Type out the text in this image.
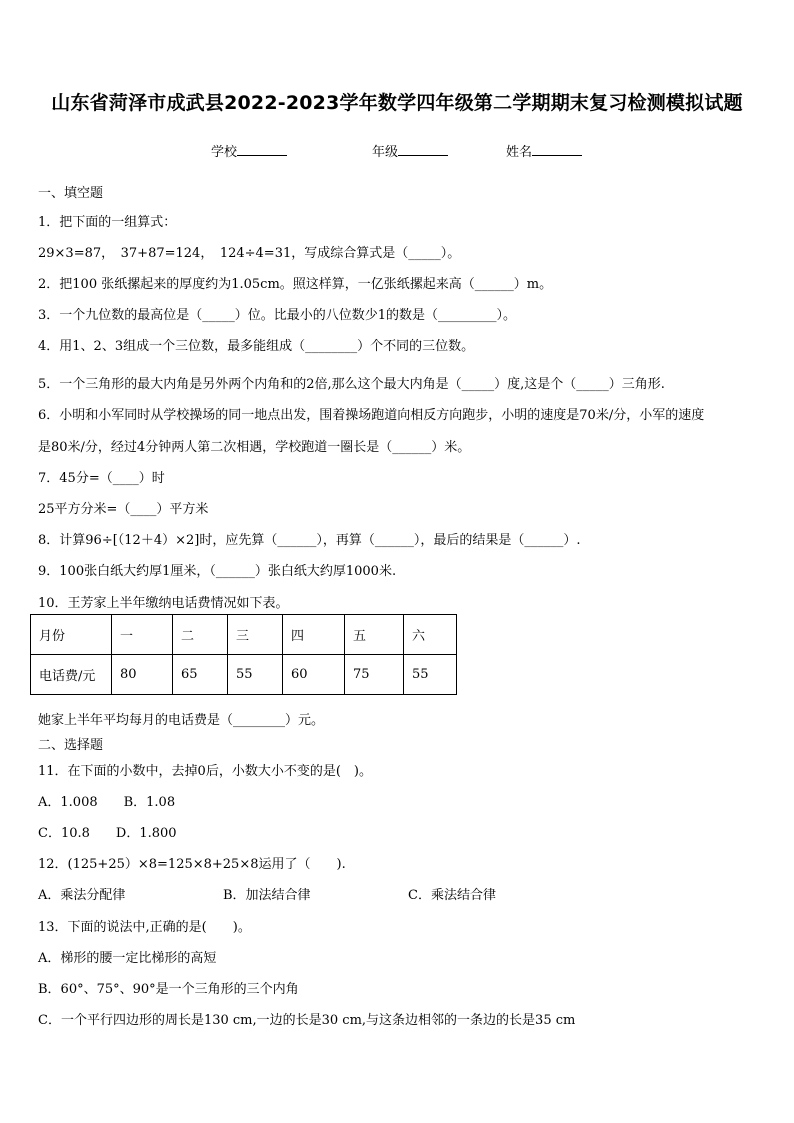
山东省菏泽市成武县2022-2023学年数学四年级第二学期期末复习检测模拟试题
学校	年级	姓名
一、填空题
1．把下面的一组算式：
29×3=87，　37+87=124，　124÷4=31，写成综合算式是（_____）。
2．把100 张纸摞起来的厚度约为1.05cm。照这样算，一亿张纸摞起来高（______）m。
3．一个九位数的最高位是（_____）位。比最小的八位数少1的数是（_________）。
4．用1、2、3组成一个三位数，最多能组成（________）个不同的三位数。
5．一个三角形的最大内角是另外两个内角和的2倍,那么这个最大内角是（_____）度,这是个（_____）三角形.
6．小明和小军同时从学校操场的同一地点出发，围着操场跑道向相反方向跑步，小明的速度是70米/分，小军的速度
是80米/分，经过4分钟两人第二次相遇，学校跑道一圈长是（______）米。
7．45分=（____）时
25平方分米=（____）平方米
8．计算96÷[（12＋4）×2]时，应先算（______），再算（______），最后的结果是（______）.
9．100张白纸大约厚1厘米，（______）张白纸大约厚1000米.
10．王芳家上半年缴纳电话费情况如下表。
月份	一	二	三	四	五	六
电话费/元	80	65	55	60	75	55
她家上半年平均每月的电话费是（________）元。
二、选择题
11．在下面的小数中，去掉0后，小数大小不变的是(　)。
A．1.008　　B．1.08
C．10.8　　D．1.800
12．(125+25）×8=125×8+25×8运用了（　　).
A．乘法分配律	B．加法结合律	C．乘法结合律
13．下面的说法中,正确的是(　　)。
A．梯形的腰一定比梯形的高短
B．60°、75°、90°是一个三角形的三个内角
C．一个平行四边形的周长是130 cm,一边的长是30 cm,与这条边相邻的一条边的长是35 cm
